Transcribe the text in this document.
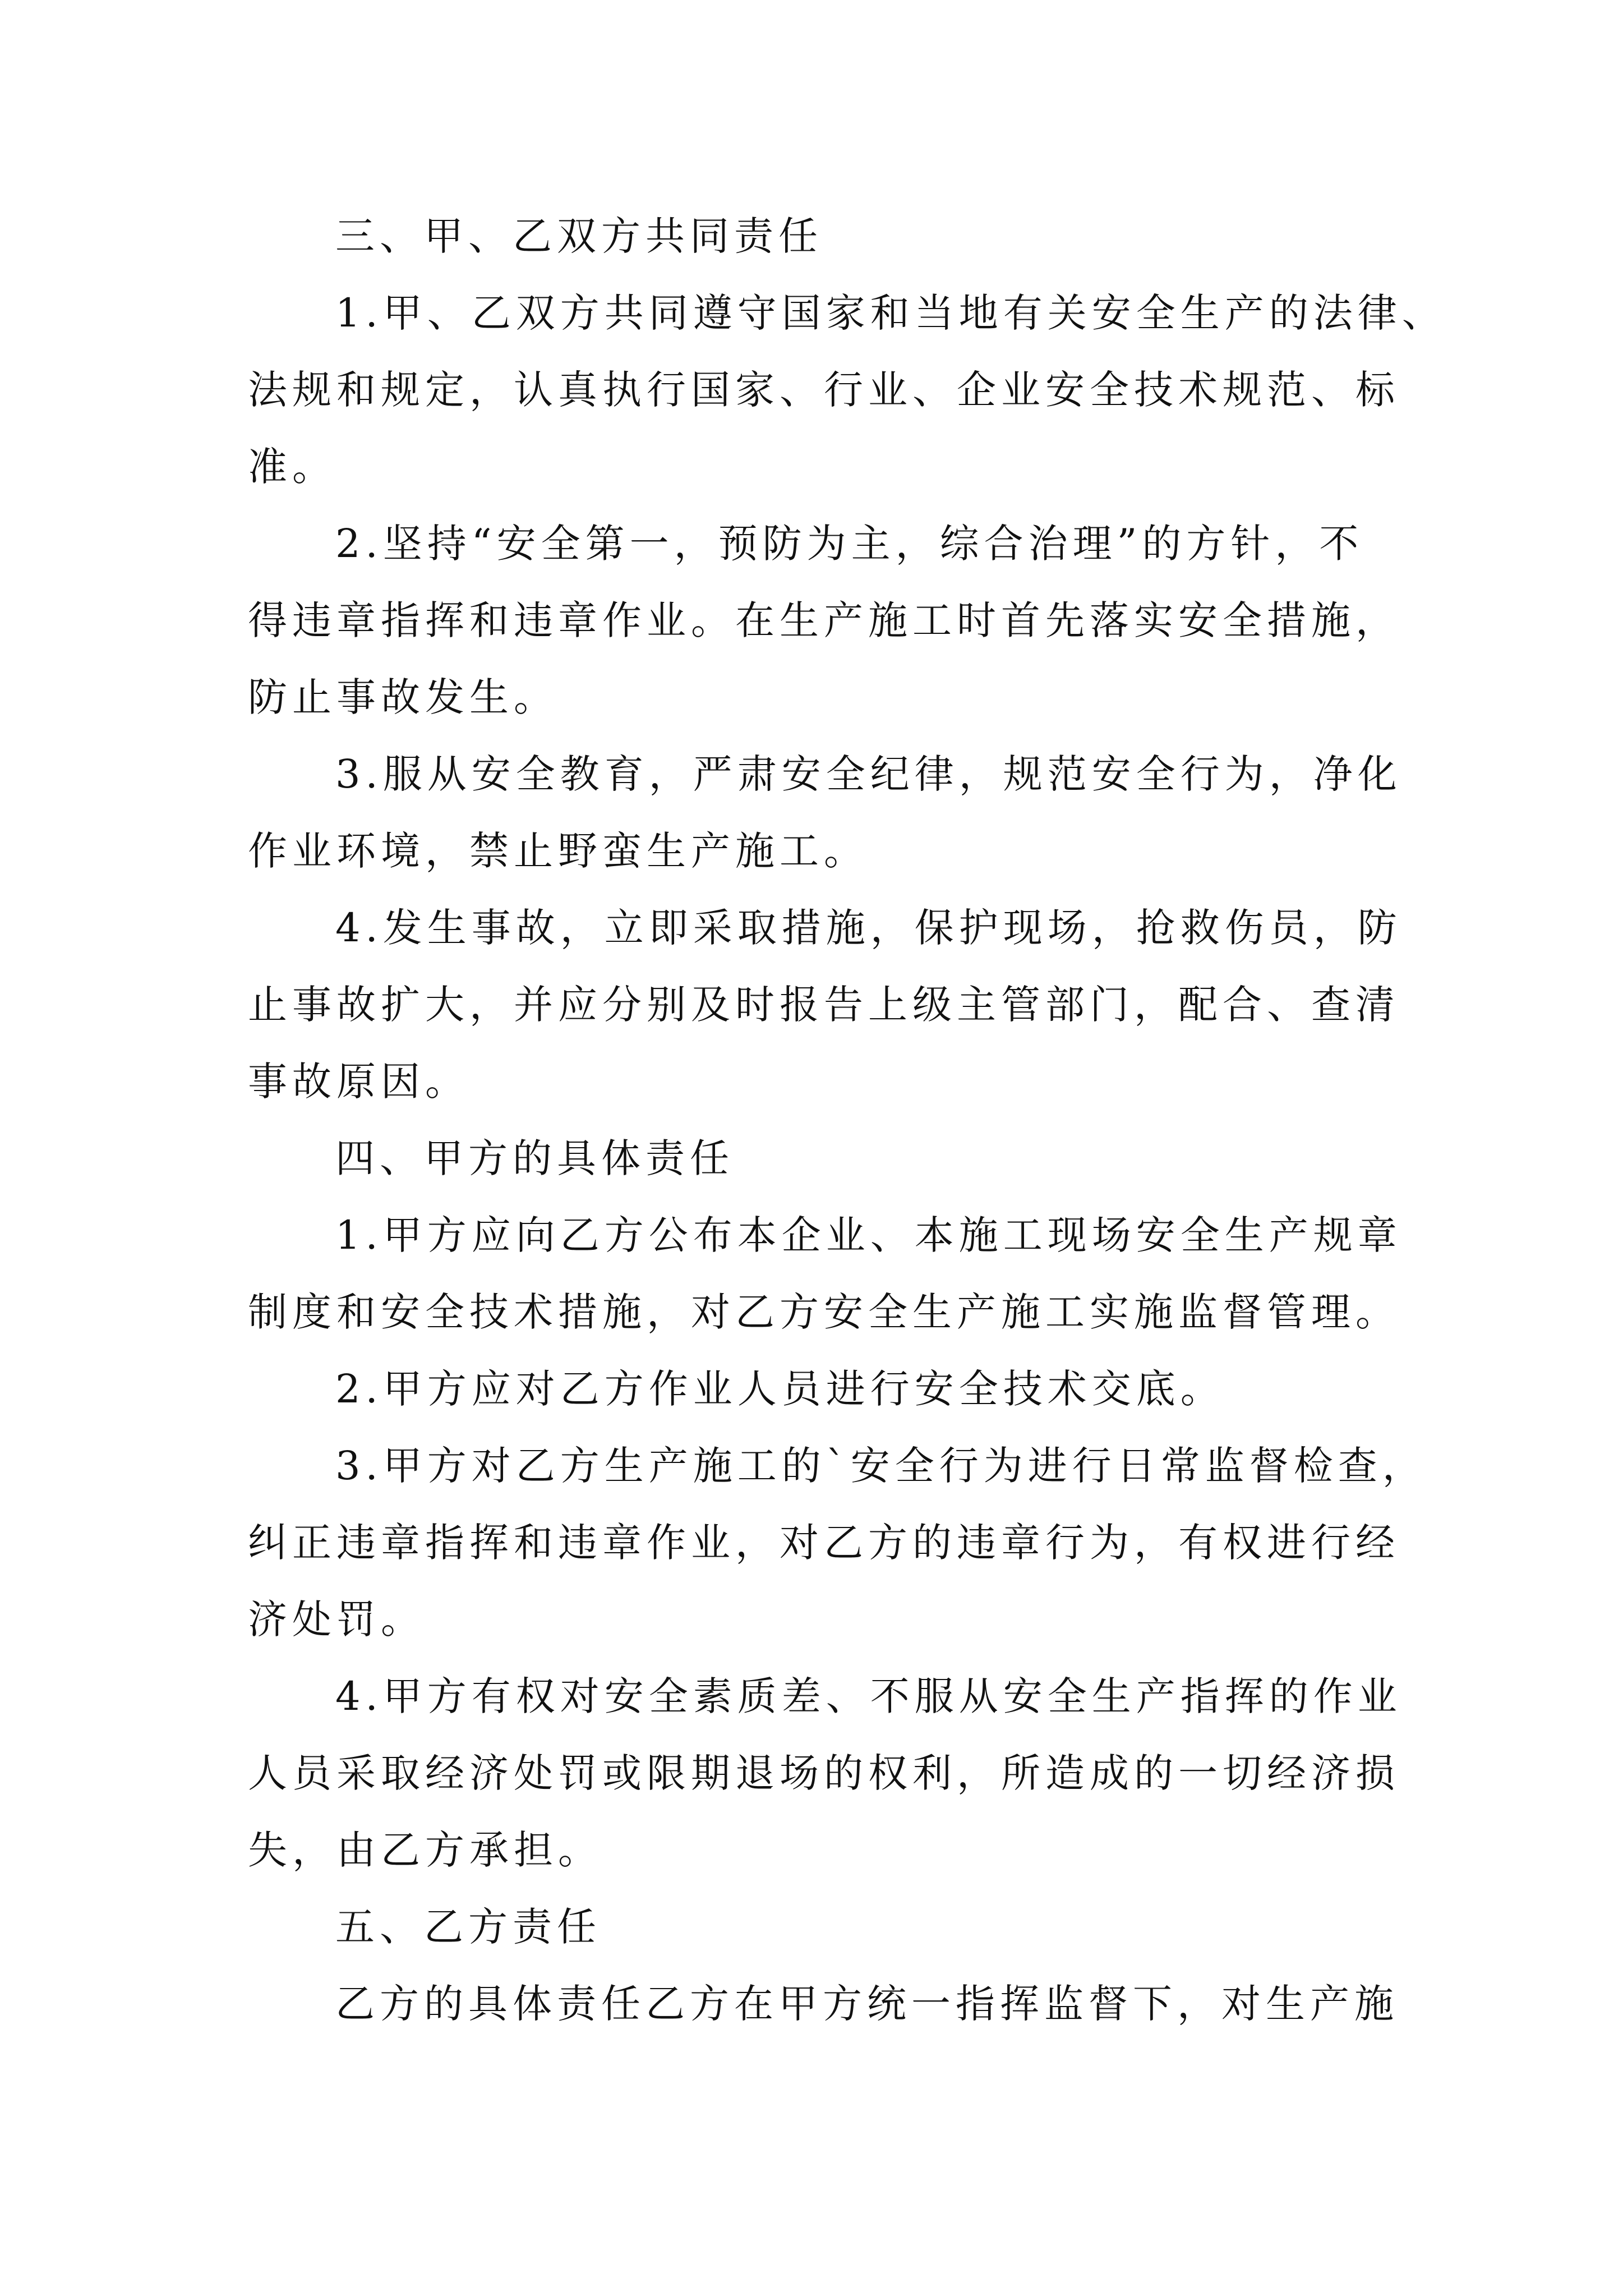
三、甲、乙双方共同责任
1.甲、乙双方共同遵守国家和当地有关安全生产的法律、
法规和规定，认真执行国家、行业、企业安全技术规范、标
准。
2.坚持“安全第一，预防为主，综合治理”的方针，不
得违章指挥和违章作业。在生产施工时首先落实安全措施，
防止事故发生。
3.服从安全教育，严肃安全纪律，规范安全行为，净化
作业环境，禁止野蛮生产施工。
4.发生事故，立即采取措施，保护现场，抢救伤员，防
止事故扩大，并应分别及时报告上级主管部门，配合、查清
事故原因。
四、甲方的具体责任
1.甲方应向乙方公布本企业、本施工现场安全生产规章
制度和安全技术措施，对乙方安全生产施工实施监督管理。
2.甲方应对乙方作业人员进行安全技术交底。
3.甲方对乙方生产施工的`安全行为进行日常监督检查，
纠正违章指挥和违章作业，对乙方的违章行为，有权进行经
济处罚。
4.甲方有权对安全素质差、不服从安全生产指挥的作业
人员采取经济处罚或限期退场的权利，所造成的一切经济损
失，由乙方承担。
五、乙方责任
乙方的具体责任乙方在甲方统一指挥监督下，对生产施
